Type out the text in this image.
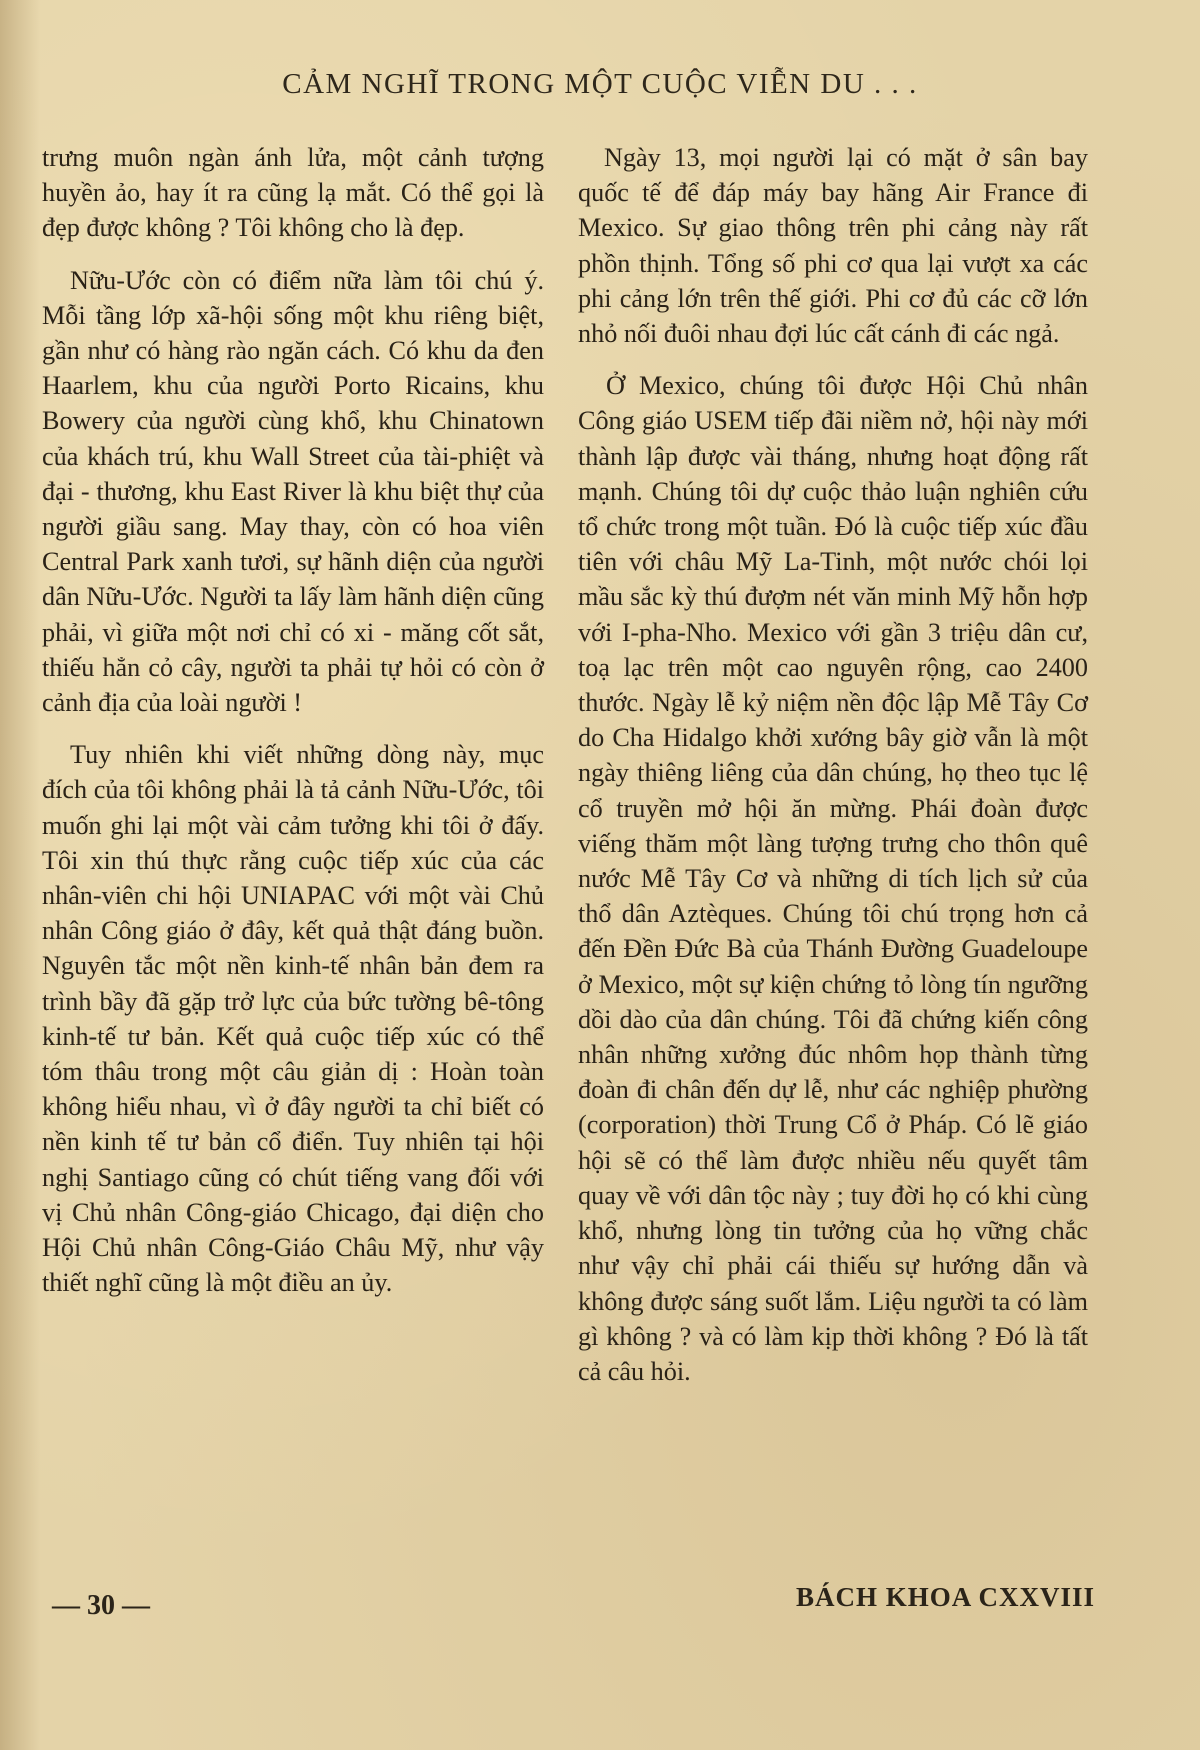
CẢM NGHĨ TRONG MỘT CUỘC VIỄN DU . . .

trưng muôn ngàn ánh lửa, một cảnh tượng huyền ảo, hay ít ra cũng lạ mắt. Có thể gọi là đẹp được không ? Tôi không cho là đẹp.

Nữu-Ước còn có điểm nữa làm tôi chú ý. Mỗi tầng lớp xã-hội sống một khu riêng biệt, gần như có hàng rào ngăn cách. Có khu da đen Haarlem, khu của người Porto Ricains, khu Bowery của người cùng khổ, khu Chinatown của khách trú, khu Wall Street của tài-phiệt và đại - thương, khu East River là khu biệt thự của người giầu sang. May thay, còn có hoa viên Central Park xanh tươi, sự hãnh diện của người dân Nữu-Ước. Người ta lấy làm hãnh diện cũng phải, vì giữa một nơi chỉ có xi - măng cốt sắt, thiếu hẳn cỏ cây, người ta phải tự hỏi có còn ở cảnh địa của loài người !

Tuy nhiên khi viết những dòng này, mục đích của tôi không phải là tả cảnh Nữu-Ước, tôi muốn ghi lại một vài cảm tưởng khi tôi ở đấy. Tôi xin thú thực rằng cuộc tiếp xúc của các nhân-viên chi hội UNIAPAC với một vài Chủ nhân Công giáo ở đây, kết quả thật đáng buồn. Nguyên tắc một nền kinh-tế nhân bản đem ra trình bầy đã gặp trở lực của bức tường bê-tông kinh-tế tư bản. Kết quả cuộc tiếp xúc có thể tóm thâu trong một câu giản dị : Hoàn toàn không hiểu nhau, vì ở đây người ta chỉ biết có nền kinh tế tư bản cổ điển. Tuy nhiên tại hội nghị Santiago cũng có chút tiếng vang đối với vị Chủ nhân Công-giáo Chicago, đại diện cho Hội Chủ nhân Công-Giáo Châu Mỹ, như vậy thiết nghĩ cũng là một điều an ủy.

Ngày 13, mọi người lại có mặt ở sân bay quốc tế để đáp máy bay hãng Air France đi Mexico. Sự giao thông trên phi cảng này rất phồn thịnh. Tổng số phi cơ qua lại vượt xa các phi cảng lớn trên thế giới. Phi cơ đủ các cỡ lớn nhỏ nối đuôi nhau đợi lúc cất cánh đi các ngả.

Ở Mexico, chúng tôi được Hội Chủ nhân Công giáo USEM tiếp đãi niềm nở, hội này mới thành lập được vài tháng, nhưng hoạt động rất mạnh. Chúng tôi dự cuộc thảo luận nghiên cứu tổ chức trong một tuần. Đó là cuộc tiếp xúc đầu tiên với châu Mỹ La-Tinh, một nước chói lọi mầu sắc kỳ thú đượm nét văn minh Mỹ hỗn hợp với I-pha-Nho. Mexico với gần 3 triệu dân cư, toạ lạc trên một cao nguyên rộng, cao 2400 thước. Ngày lễ kỷ niệm nền độc lập Mễ Tây Cơ do Cha Hidalgo khởi xướng bây giờ vẫn là một ngày thiêng liêng của dân chúng, họ theo tục lệ cổ truyền mở hội ăn mừng. Phái đoàn được viếng thăm một làng tượng trưng cho thôn quê nước Mễ Tây Cơ và những di tích lịch sử của thổ dân Aztèques. Chúng tôi chú trọng hơn cả đến Đền Đức Bà của Thánh Đường Guadeloupe ở Mexico, một sự kiện chứng tỏ lòng tín ngưỡng dồi dào của dân chúng. Tôi đã chứng kiến công nhân những xưởng đúc nhôm họp thành từng đoàn đi chân đến dự lễ, như các nghiệp phường (corporation) thời Trung Cổ ở Pháp. Có lẽ giáo hội sẽ có thể làm được nhiều nếu quyết tâm quay về với dân tộc này ; tuy đời họ có khi cùng khổ, nhưng lòng tin tưởng của họ vững chắc như vậy chỉ phải cái thiếu sự hướng dẫn và không được sáng suốt lắm. Liệu người ta có làm gì không ? và có làm kịp thời không ? Đó là tất cả câu hỏi.

— 30 —	BÁCH KHOA CXXVIII
